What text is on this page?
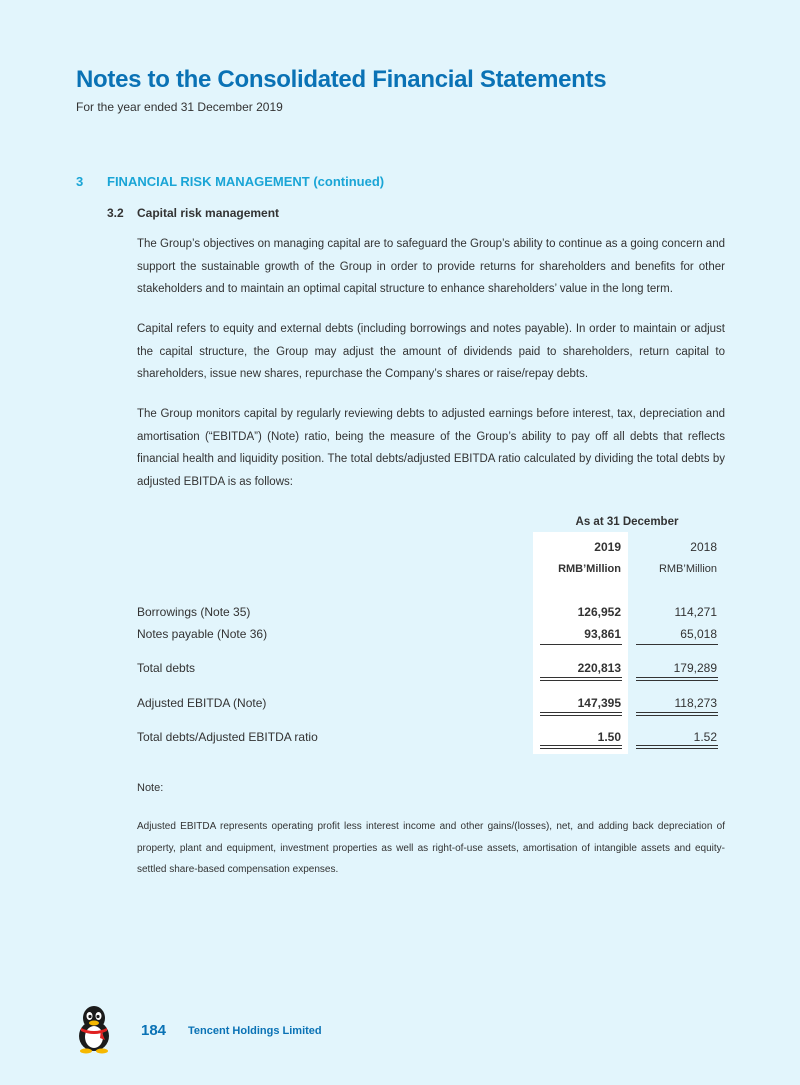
Notes to the Consolidated Financial Statements
For the year ended 31 December 2019
3 FINANCIAL RISK MANAGEMENT (continued)
3.2 Capital risk management

The Group’s objectives on managing capital are to safeguard the Group’s ability to continue as a going concern and support the sustainable growth of the Group in order to provide returns for shareholders and benefits for other stakeholders and to maintain an optimal capital structure to enhance shareholders’ value in the long term.

Capital refers to equity and external debts (including borrowings and notes payable). In order to maintain or adjust the capital structure, the Group may adjust the amount of dividends paid to shareholders, return capital to shareholders, issue new shares, repurchase the Company’s shares or raise/repay debts.

The Group monitors capital by regularly reviewing debts to adjusted earnings before interest, tax, depreciation and amortisation (“EBITDA”) (Note) ratio, being the measure of the Group’s ability to pay off all debts that reflects financial health and liquidity position. The total debts/adjusted EBITDA ratio calculated by dividing the total debts by adjusted EBITDA is as follows:

As at 31 December
2019	2018
RMB’Million	RMB’Million
Borrowings (Note 35)	126,952	114,271
Notes payable (Note 36)	93,861	65,018
Total debts	220,813	179,289
Adjusted EBITDA (Note)	147,395	118,273
Total debts/Adjusted EBITDA ratio	1.50	1.52
Note:

Adjusted EBITDA represents operating profit less interest income and other gains/(losses), net, and adding back depreciation of property, plant and equipment, investment properties as well as right-of-use assets, amortisation of intangible assets and equity-settled share-based compensation expenses.

184 Tencent Holdings Limited
